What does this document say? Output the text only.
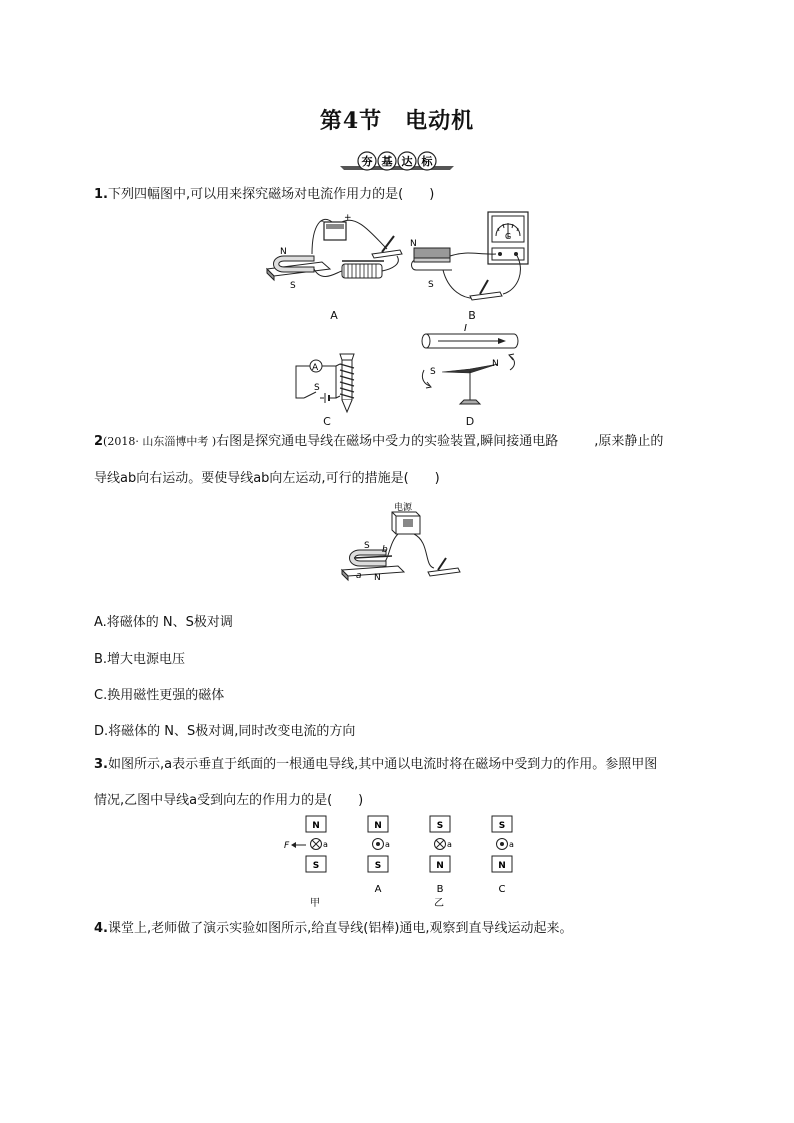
第4节　电动机
夯 基 达 标
1.下列四幅图中,可以用来探究磁场对电流作用力的是(　　)
- +
N
S
A
G
N
S
B
A
S
C
I
S
N
D
2(2018· 山东淄博中考 )右图是探究通电导线在磁场中受力的实验装置,瞬间接通电路	,原来静止的
导线ab向右运动。要使导线ab向左运动,可行的措施是(　　)
电源
S
N
a
b
A.将磁体的 N、S极对调
B.增大电源电压
C.换用磁性更强的磁体
D.将磁体的 N、S极对调,同时改变电流的方向
3.如图所示,a表示垂直于纸面的一根通电导线,其中通以电流时将在磁场中受到力的作用。参照甲图
情况,乙图中导线a受到向左的作用力的是(　　)
N
S
a
N
S
a
A
S
N
a
B
S
N
a
C
F
甲	乙
4.课堂上,老师做了演示实验如图所示,给直导线(铝棒)通电,观察到直导线运动起来。
